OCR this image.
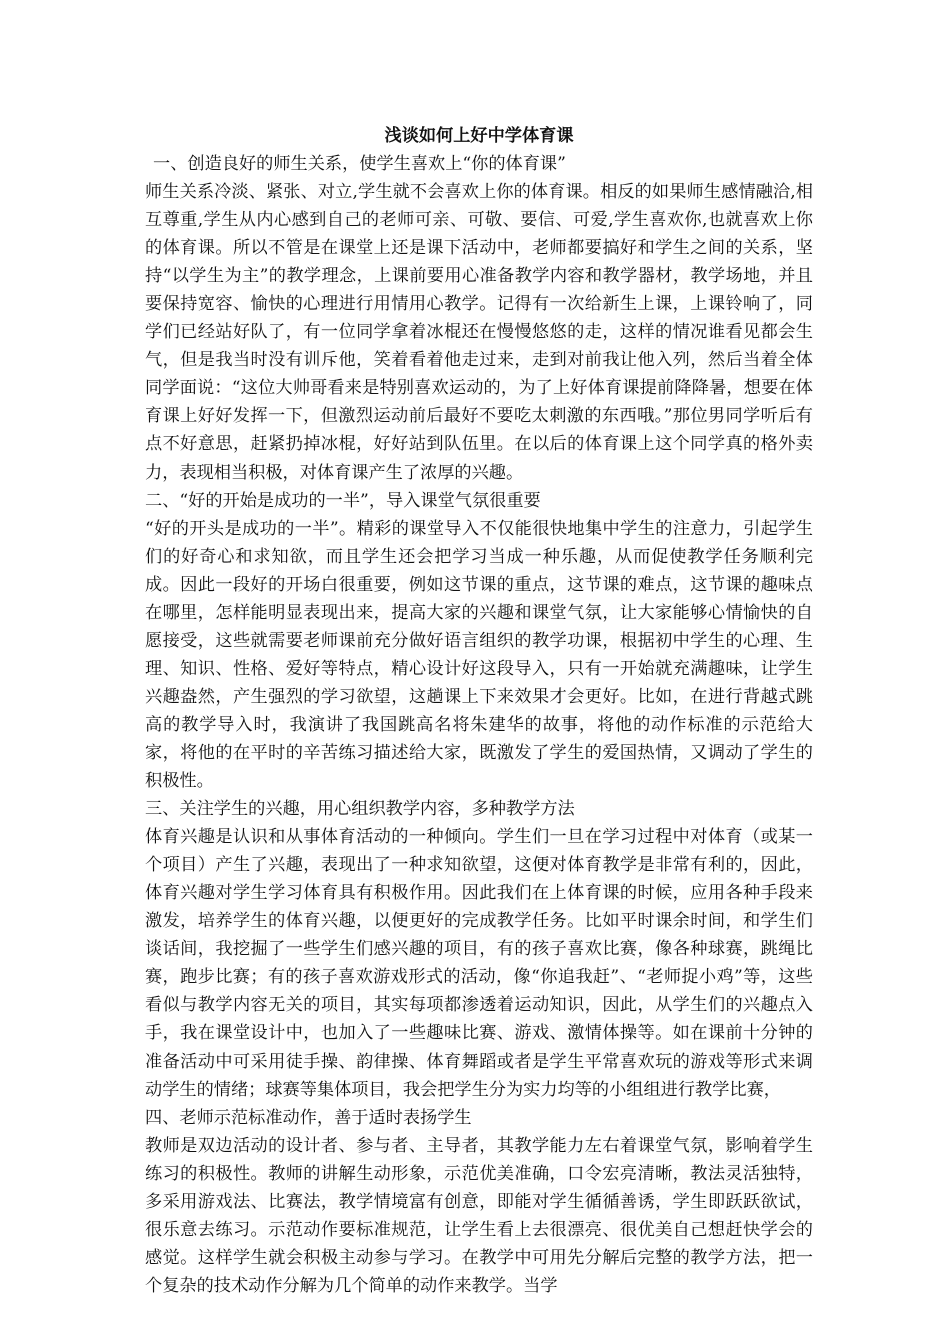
浅谈如何上好中学体育课

一、创造良好的师生关系，使学生喜欢上“你的体育课”

师生关系冷淡、紧张、对立,学生就不会喜欢上你的体育课。相反的如果师生感情融洽,相互尊重,学生从内心感到自己的老师可亲、可敬、要信、可爱,学生喜欢你,也就喜欢上你的体育课。所以不管是在课堂上还是课下活动中，老师都要搞好和学生之间的关系，坚持“以学生为主”的教学理念，上课前要用心准备教学内容和教学器材，教学场地，并且要保持宽容、愉快的心理进行用情用心教学。记得有一次给新生上课，上课铃响了，同学们已经站好队了，有一位同学拿着冰棍还在慢慢悠悠的走，这样的情况谁看见都会生气，但是我当时没有训斥他，笑着看着他走过来，走到对前我让他入列，然后当着全体同学面说：“这位大帅哥看来是特别喜欢运动的，为了上好体育课提前降降暑，想要在体育课上好好发挥一下，但激烈运动前后最好不要吃太刺激的东西哦。”那位男同学听后有点不好意思，赶紧扔掉冰棍，好好站到队伍里。在以后的体育课上这个同学真的格外卖力，表现相当积极，对体育课产生了浓厚的兴趣。

二、“好的开始是成功的一半”，导入课堂气氛很重要

“好的开头是成功的一半”。精彩的课堂导入不仅能很快地集中学生的注意力，引起学生们的好奇心和求知欲，而且学生还会把学习当成一种乐趣，从而促使教学任务顺利完成。因此一段好的开场白很重要，例如这节课的重点，这节课的难点，这节课的趣味点在哪里，怎样能明显表现出来，提高大家的兴趣和课堂气氛，让大家能够心情愉快的自愿接受，这些就需要老师课前充分做好语言组织的教学功课，根据初中学生的心理、生理、知识、性格、爱好等特点，精心设计好这段导入，只有一开始就充满趣味，让学生兴趣盎然，产生强烈的学习欲望，这趟课上下来效果才会更好。比如，在进行背越式跳高的教学导入时，我演讲了我国跳高名将朱建华的故事，将他的动作标准的示范给大家，将他的在平时的辛苦练习描述给大家，既激发了学生的爱国热情，又调动了学生的积极性。

三、关注学生的兴趣，用心组织教学内容，多种教学方法

体育兴趣是认识和从事体育活动的一种倾向。学生们一旦在学习过程中对体育（或某一个项目）产生了兴趣，表现出了一种求知欲望，这便对体育教学是非常有利的，因此，体育兴趣对学生学习体育具有积极作用。因此我们在上体育课的时候，应用各种手段来激发，培养学生的体育兴趣，以便更好的完成教学任务。比如平时课余时间，和学生们谈话间，我挖掘了一些学生们感兴趣的项目，有的孩子喜欢比赛，像各种球赛，跳绳比赛，跑步比赛；有的孩子喜欢游戏形式的活动，像“你追我赶”、“老师捉小鸡”等，这些看似与教学内容无关的项目，其实每项都渗透着运动知识，因此，从学生们的兴趣点入手，我在课堂设计中，也加入了一些趣味比赛、游戏、激情体操等。如在课前十分钟的准备活动中可采用徒手操、韵律操、体育舞蹈或者是学生平常喜欢玩的游戏等形式来调动学生的情绪；球赛等集体项目，我会把学生分为实力均等的小组组进行教学比赛，

四、老师示范标准动作，善于适时表扬学生

教师是双边活动的设计者、参与者、主导者，其教学能力左右着课堂气氛，影响着学生练习的积极性。教师的讲解生动形象，示范优美准确，口令宏亮清晰，教法灵活独特，多采用游戏法、比赛法，教学情境富有创意，即能对学生循循善诱，学生即跃跃欲试，很乐意去练习。示范动作要标准规范，让学生看上去很漂亮、很优美自己想赶快学会的感觉。这样学生就会积极主动参与学习。在教学中可用先分解后完整的教学方法，把一个复杂的技术动作分解为几个简单的动作来教学。当学
